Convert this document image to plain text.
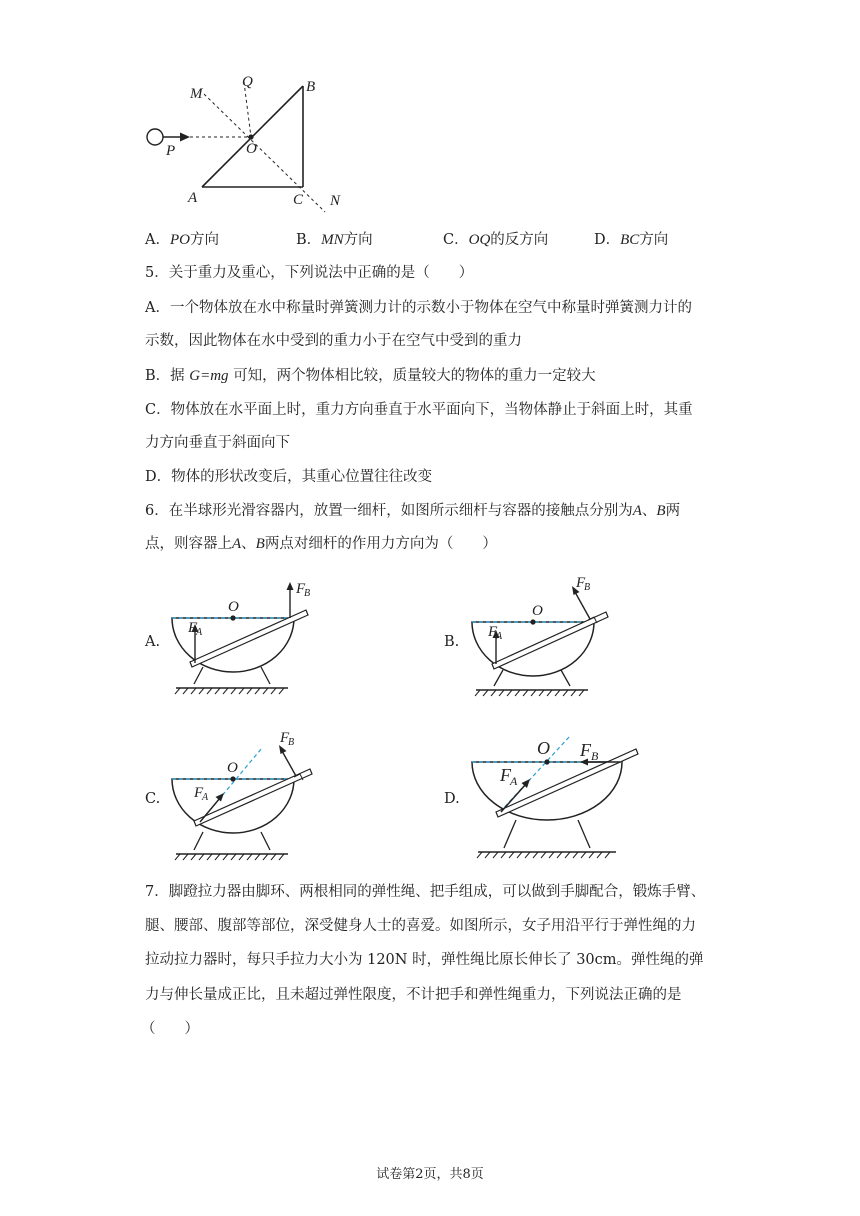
M
Q	B
O
P
A	C N
A．PO方向	B．MN方向	C．OQ的反方向	D．BC方向
5．关于重力及重心，下列说法中正确的是（　　）
A．一个物体放在水中称量时弹簧测力计的示数小于物体在空气中称量时弹簧测力计的
示数，因此物体在水中受到的重力小于在空气中受到的重力
B．据 G=mg 可知，两个物体相比较，质量较大的物体的重力一定较大
C．物体放在水平面上时，重力方向垂直于水平面向下，当物体静止于斜面上时，其重
力方向垂直于斜面向下
D．物体的形状改变后，其重心位置往往改变
6．在半球形光滑容器内，放置一细杆，如图所示细杆与容器的接触点分别为A、B两
点，则容器上A、B两点对细杆的作用力方向为（　　）
A.	B.
C.	D.
O
F
A
F
B
O
F
A
F
B
O
F
A
F
B	O
F A
F B
7．脚蹬拉力器由脚环、两根相同的弹性绳、把手组成，可以做到手脚配合，锻炼手臂、
腿、腰部、腹部等部位，深受健身人士的喜爱。如图所示，女子用沿平行于弹性绳的力
拉动拉力器时，每只手拉力大小为 120N 时，弹性绳比原长伸长了 30cm。弹性绳的弹
力与伸长量成正比，且未超过弹性限度，不计把手和弹性绳重力，下列说法正确的是
（　　）
试卷第2页，共8页
